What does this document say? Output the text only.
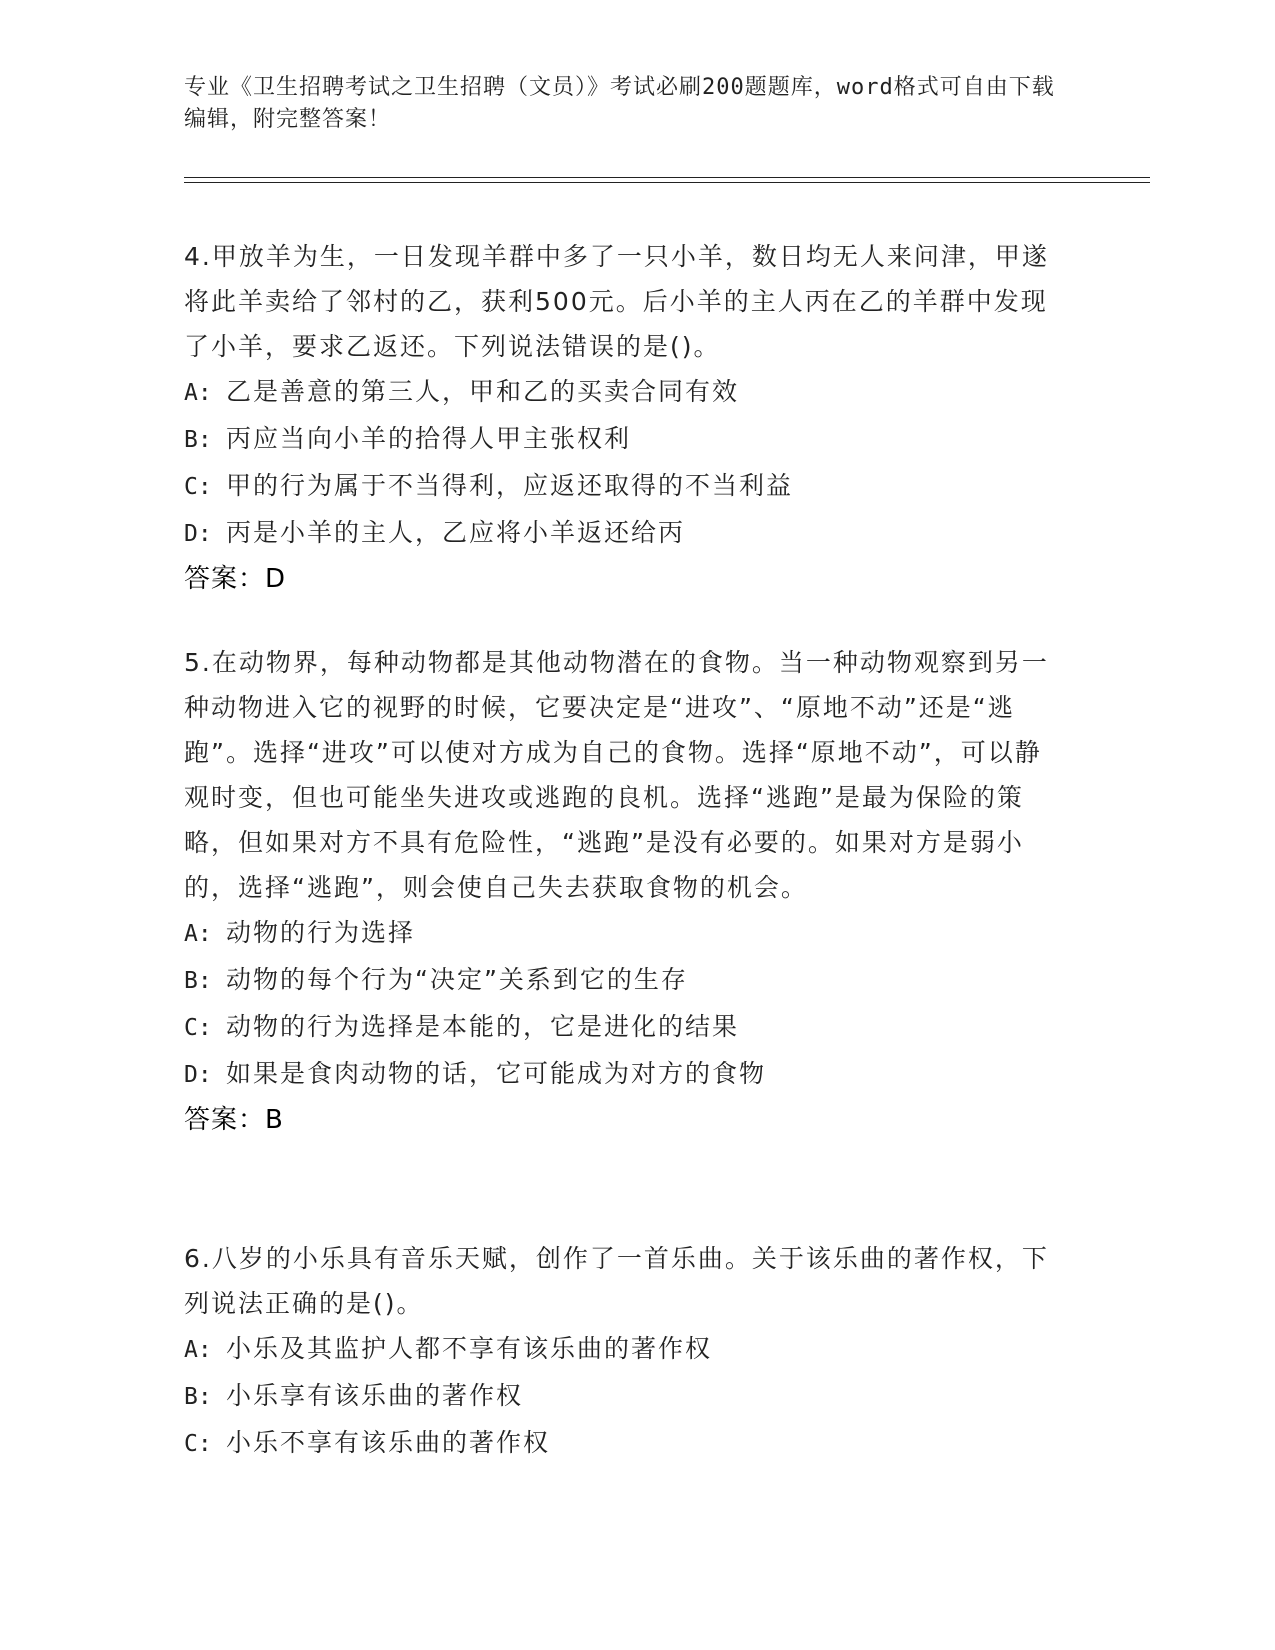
专业《卫生招聘考试之卫生招聘（文员）》考试必刷200题题库，word格式可自由下载编辑，附完整答案！

4.甲放羊为生，一日发现羊群中多了一只小羊，数日均无人来问津，甲遂将此羊卖给了邻村的乙，获利500元。后小羊的主人丙在乙的羊群中发现了小羊，要求乙返还。下列说法错误的是()。

A: 乙是善意的第三人，甲和乙的买卖合同有效

B: 丙应当向小羊的拾得人甲主张权利

C: 甲的行为属于不当得利，应返还取得的不当利益

D: 丙是小羊的主人，乙应将小羊返还给丙

答案：D

5.在动物界，每种动物都是其他动物潜在的食物。当一种动物观察到另一种动物进入它的视野的时候，它要决定是“进攻”、“原地不动”还是“逃跑”。选择“进攻”可以使对方成为自己的食物。选择“原地不动”，可以静观时变，但也可能坐失进攻或逃跑的良机。选择“逃跑”是最为保险的策略，但如果对方不具有危险性，“逃跑”是没有必要的。如果对方是弱小的，选择“逃跑”，则会使自己失去获取食物的机会。

A: 动物的行为选择

B: 动物的每个行为“决定”关系到它的生存

C: 动物的行为选择是本能的，它是进化的结果

D: 如果是食肉动物的话，它可能成为对方的食物

答案：B

6.八岁的小乐具有音乐天赋，创作了一首乐曲。关于该乐曲的著作权，下列说法正确的是()。

A: 小乐及其监护人都不享有该乐曲的著作权

B: 小乐享有该乐曲的著作权

C: 小乐不享有该乐曲的著作权
